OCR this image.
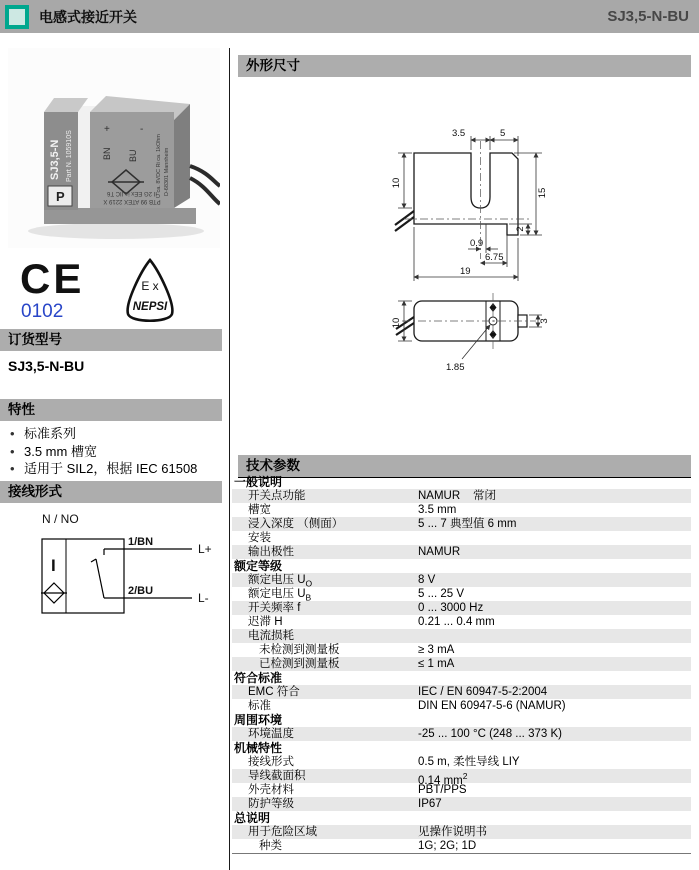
电感式接近开关	SJ3,5-N-BU
SJ3,5-N Part N. 105910S
P
+	-
BN BU	U ca. 8VDC Ri ca. 1kOhm D-68301 Mannheim
PTB 99 ATEX 2219 X
II 2G EEx ia IIC T6
CE
0102
E x
NEPSI
订货型号
SJ3,5-N-BU
特性
• 标准系列
• 3.5 mm 槽宽
• 适用于 SIL2，根据 IEC 61508
接线形式
N / NO
I
1/BN
2/BU
L+
L-
外形尺寸
3.5	5
10
15
2
0.9
6.75
19
10	3
1.85
技术参数
一般说明
开关点功能	NAMUR    常闭
槽宽	3.5 mm
浸入深度 （侧面）	5 ... 7 典型值 6 mm
安装
输出极性	NAMUR
额定等级
额定电压 $U_O$	8 V
额定电压 $U_B$	5 ... 25 V
开关频率 f	0 ... 3000 Hz
迟滞 H	0.21 ... 0.4 mm
电流损耗
未检测到测量板	≥ 3 mA
已检测到测量板	≤ 1 mA
符合标准
EMC 符合	IEC / EN 60947-5-2:2004
标准	DIN EN 60947-5-6 (NAMUR)
周围环境
环境温度	-25 ... 100 °C (248 ... 373 K)
机械特性
接线形式	0.5 m, 柔性导线 LIY
导线截面积	0.14 $mm^2$
外壳材料	PBT/PPS
防护等级	IP67
总说明
用于危险区域	见操作说明书
种类	1G; 2G; 1D
